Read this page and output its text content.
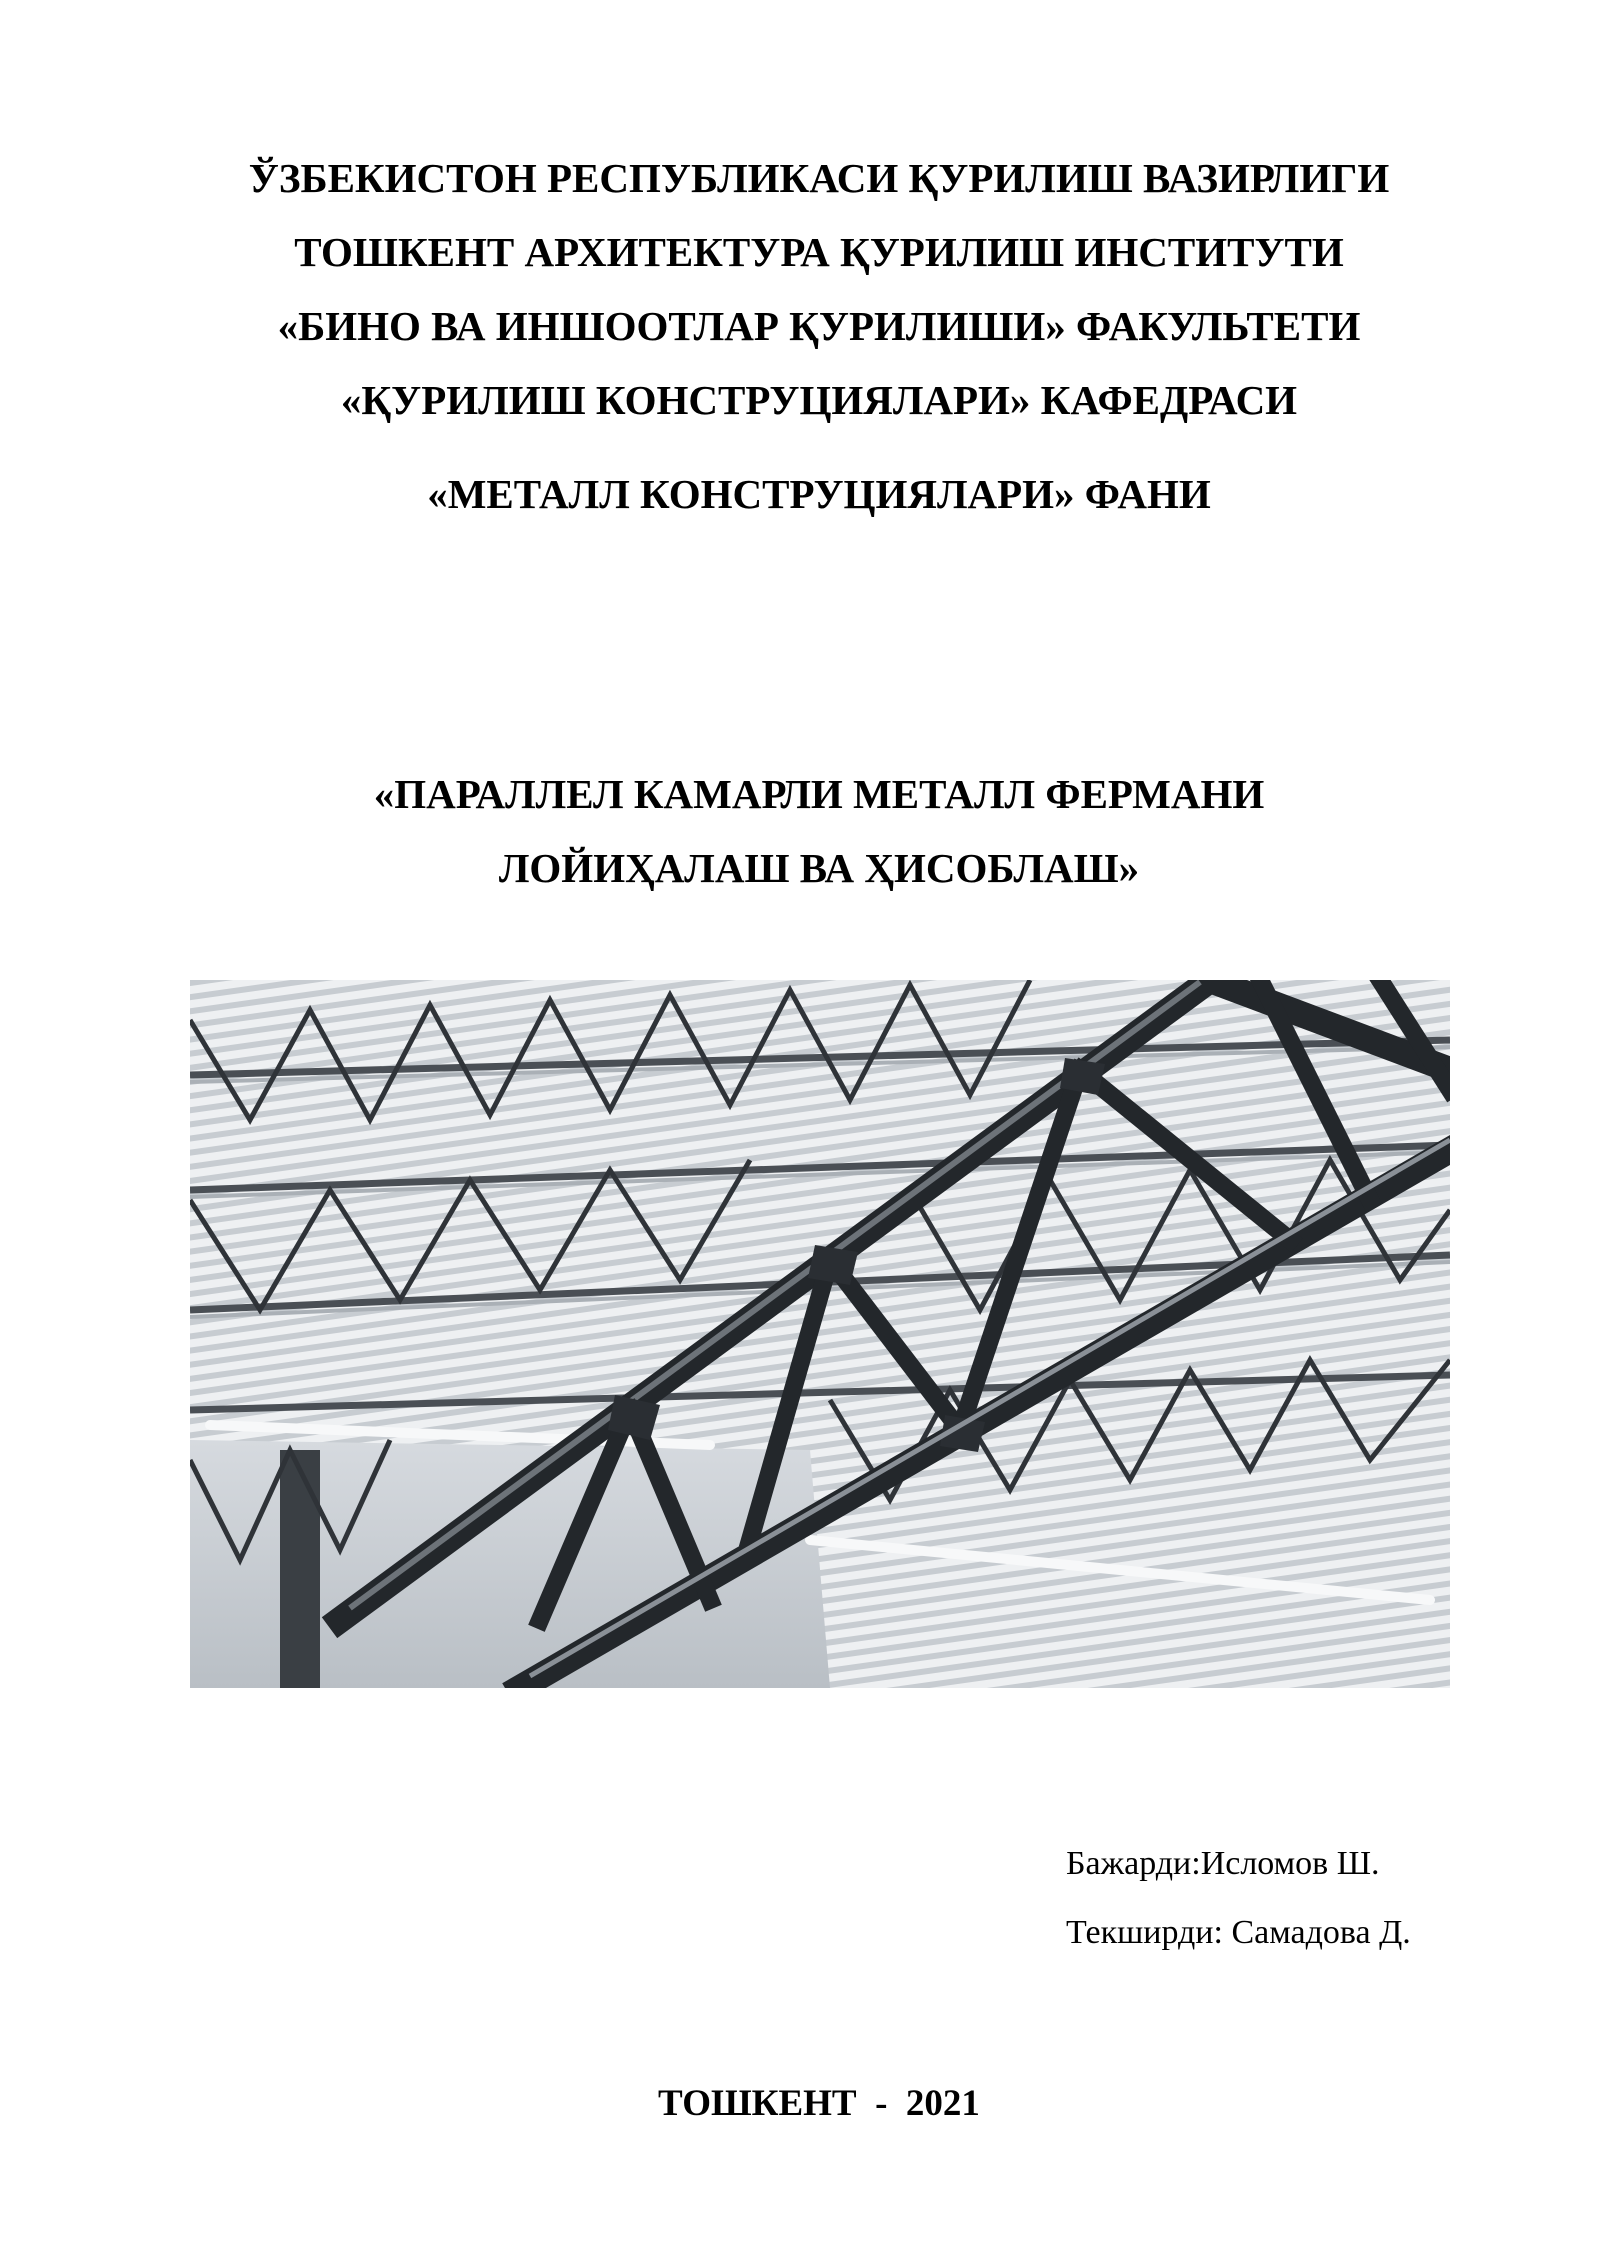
ЎЗБЕКИСТОН РЕСПУБЛИКАСИ ҚУРИЛИШ ВАЗИРЛИГИ
ТОШКЕНТ АРХИТЕКТУРА ҚУРИЛИШ ИНСТИТУТИ
«БИНО ВА ИНШООТЛАР ҚУРИЛИШИ» ФАКУЛЬТЕТИ
«ҚУРИЛИШ КОНСТРУЦИЯЛАРИ» КАФЕДРАСИ
«МЕТАЛЛ КОНСТРУЦИЯЛАРИ» ФАНИ
«ПАРАЛЛЕЛ КАМАРЛИ МЕТАЛЛ ФЕРМАНИ
ЛОЙИҲАЛАШ ВА ҲИСОБЛАШ»
Бажарди:Исломов Ш.
Текширди: Самадова Д.
ТОШКЕНТ  -  2021
